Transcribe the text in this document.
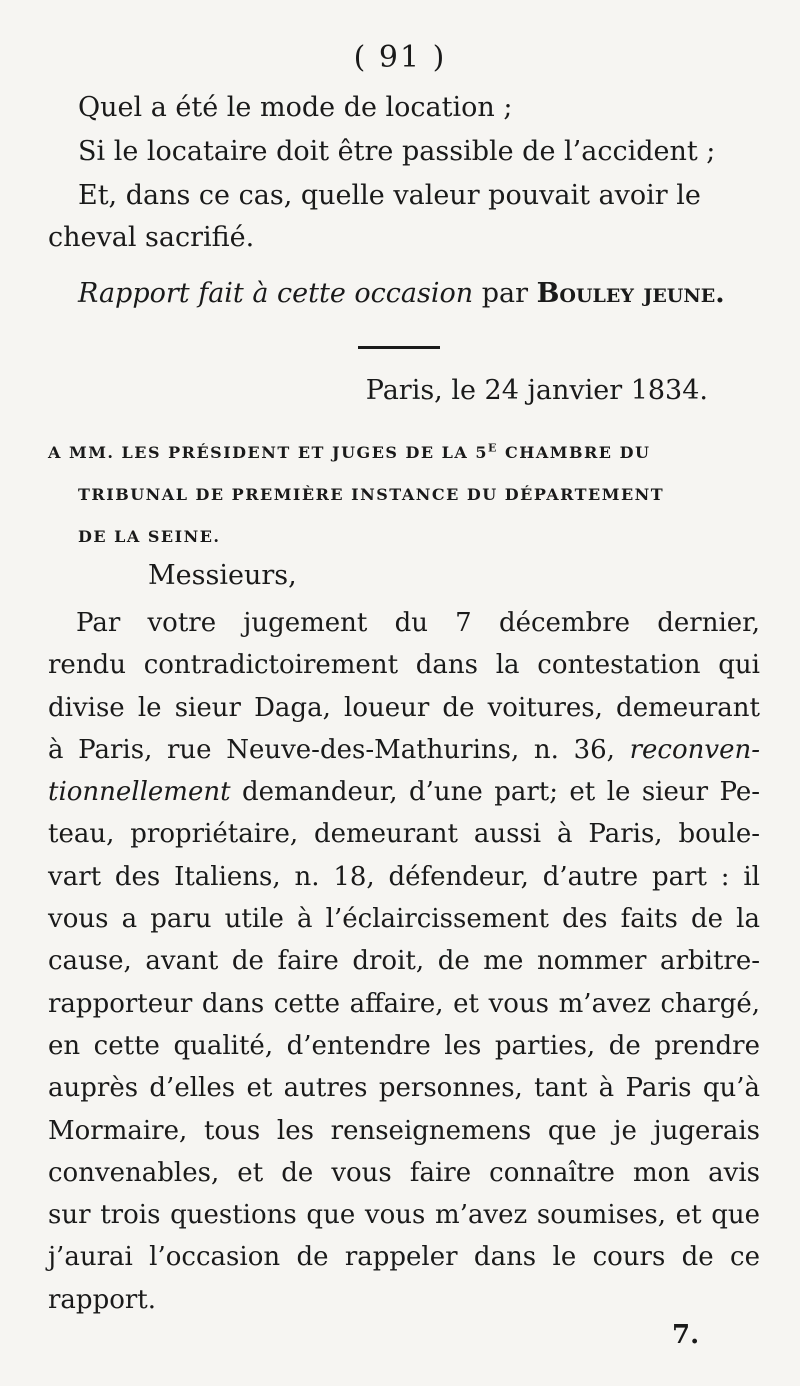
( 91 )
Quel a été le mode de location ;
Si le locataire doit être passible de l’accident ;
Et, dans ce cas, quelle valeur pouvait avoir le
cheval sacrifié.
Rapport fait à cette occasion par Bouley jeune.
Paris, le 24 janvier 1834.
A MM. LES PRÉSIDENT ET JUGES DE LA $5^E$ CHAMBRE DU
TRIBUNAL DE PREMIÈRE INSTANCE DU DÉPARTEMENT
DE LA SEINE.
Messieurs,
Par votre jugement du 7 décembre dernier,
rendu contradictoirement dans la contestation qui
divise le sieur Daga, loueur de voitures, demeurant
à Paris, rue Neuve-des-Mathurins, n. 36, reconven-
tionnellement demandeur, d’une part; et le sieur Pe-
teau, propriétaire, demeurant aussi à Paris, boule-
vart des Italiens, n. 18, défendeur, d’autre part : il
vous a paru utile à l’éclaircissement des faits de la
cause, avant de faire droit, de me nommer arbitre-
rapporteur dans cette affaire, et vous m’avez chargé,
en cette qualité, d’entendre les parties, de prendre
auprès d’elles et autres personnes, tant à Paris qu’à
Mormaire, tous les renseignemens que je jugerais
convenables, et de vous faire connaître mon avis
sur trois questions que vous m’avez soumises, et que
j’aurai l’occasion de rappeler dans le cours de ce
rapport.
7.
